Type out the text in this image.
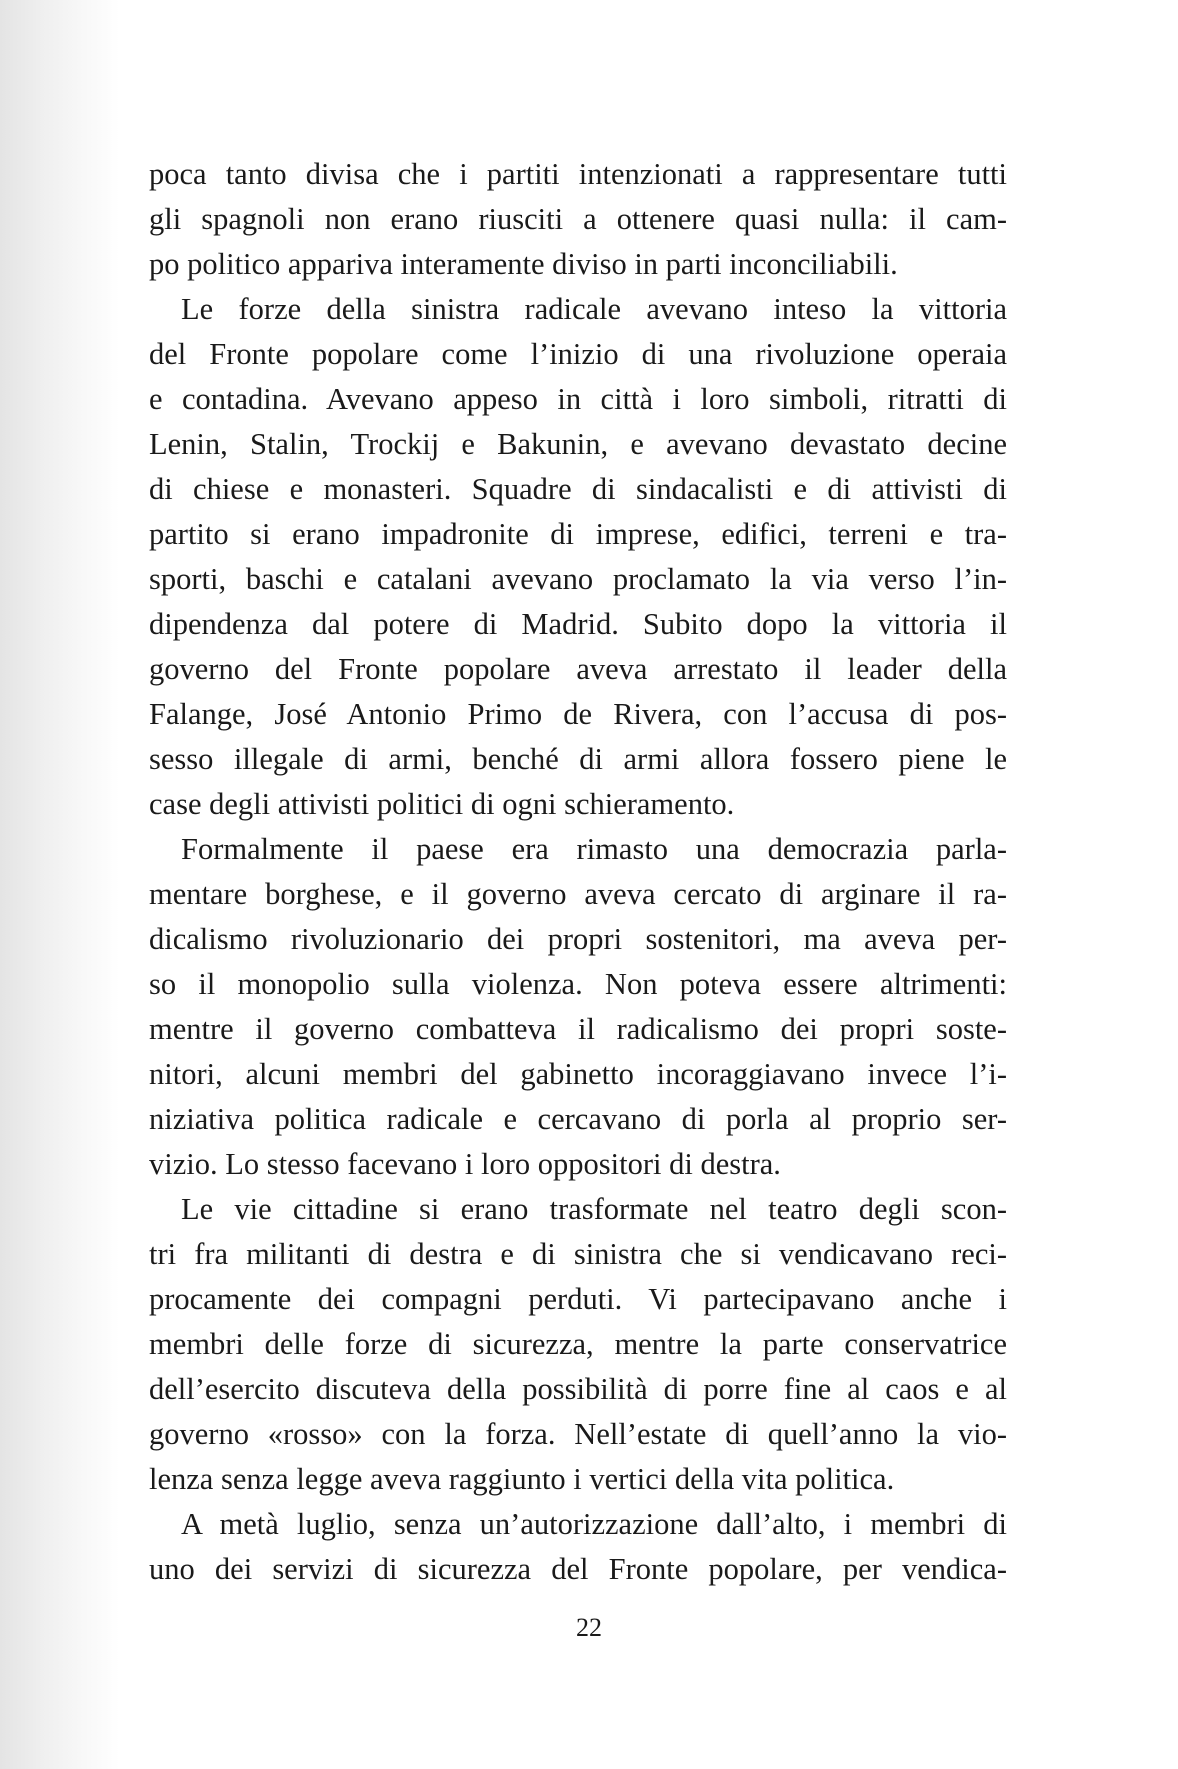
poca tanto divisa che i partiti intenzionati a rappresentare tutti
gli spagnoli non erano riusciti a ottenere quasi nulla: il cam-
po politico appariva interamente diviso in parti inconciliabili.
Le forze della sinistra radicale avevano inteso la vittoria
del Fronte popolare come l’inizio di una rivoluzione operaia
e contadina. Avevano appeso in città i loro simboli, ritratti di
Lenin, Stalin, Trockij e Bakunin, e avevano devastato decine
di chiese e monasteri. Squadre di sindacalisti e di attivisti di
partito si erano impadronite di imprese, edifici, terreni e tra-
sporti, baschi e catalani avevano proclamato la via verso l’in-
dipendenza dal potere di Madrid. Subito dopo la vittoria il
governo del Fronte popolare aveva arrestato il leader della
Falange, José Antonio Primo de Rivera, con l’accusa di pos-
sesso illegale di armi, benché di armi allora fossero piene le
case degli attivisti politici di ogni schieramento.
Formalmente il paese era rimasto una democrazia parla-
mentare borghese, e il governo aveva cercato di arginare il ra-
dicalismo rivoluzionario dei propri sostenitori, ma aveva per-
so il monopolio sulla violenza. Non poteva essere altrimenti:
mentre il governo combatteva il radicalismo dei propri soste-
nitori, alcuni membri del gabinetto incoraggiavano invece l’i-
niziativa politica radicale e cercavano di porla al proprio ser-
vizio. Lo stesso facevano i loro oppositori di destra.
Le vie cittadine si erano trasformate nel teatro degli scon-
tri fra militanti di destra e di sinistra che si vendicavano reci-
procamente dei compagni perduti. Vi partecipavano anche i
membri delle forze di sicurezza, mentre la parte conservatrice
dell’esercito discuteva della possibilità di porre fine al caos e al
governo «rosso» con la forza. Nell’estate di quell’anno la vio-
lenza senza legge aveva raggiunto i vertici della vita politica.
A metà luglio, senza un’autorizzazione dall’alto, i membri di
uno dei servizi di sicurezza del Fronte popolare, per vendica-
22
